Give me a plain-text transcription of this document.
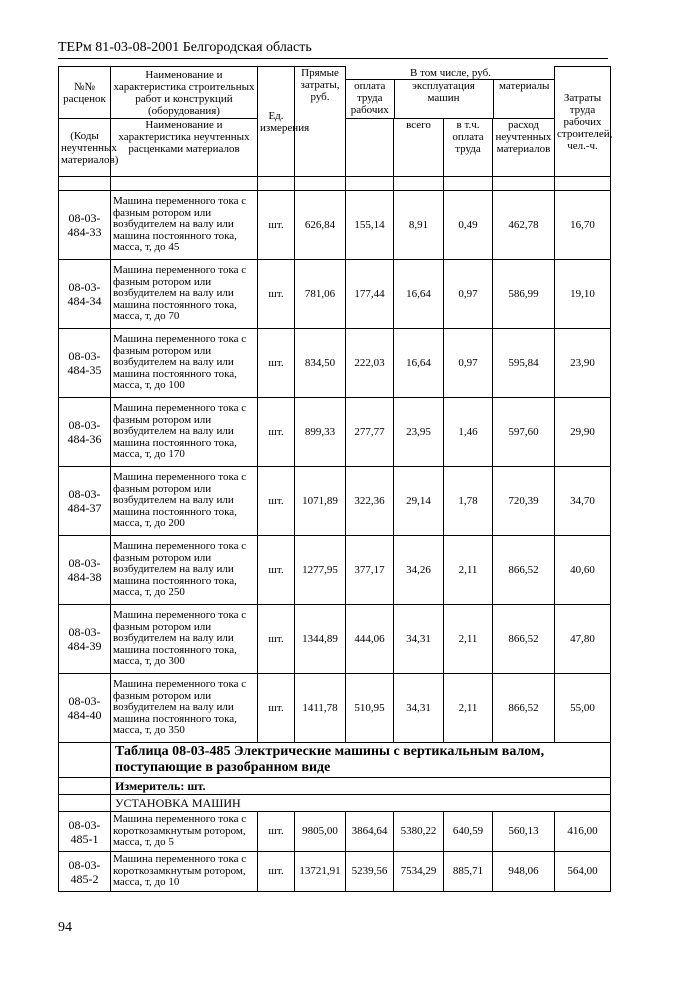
ТЕРм 81-03-08-2001 Белгородская область
№№ расценок	Наименование и характеристика строительных работ и конструкций (оборудования)	Ед. измерения	Прямые затраты, руб.	
В том числе, руб.
оплата труда рабочих	эксплуатация машин	материалы
	Затраты труда рабочих строителей, чел.-ч.
(Коды неучтенных материалов)	Наименование и характеристика неучтенных расценками материалов		всего	в т.ч. оплата труда	расход неучтенных материалов

08-03-484-33	Машина переменного тока с фазным ротором или возбудителем на валу или машина постоянного тока, масса, т, до 45	шт.	626,84	155,14	8,91	0,49	462,78	16,70
08-03-484-34	Машина переменного тока с фазным ротором или возбудителем на валу или машина постоянного тока, масса, т, до 70	шт.	781,06	177,44	16,64	0,97	586,99	19,10
08-03-484-35	Машина переменного тока с фазным ротором или возбудителем на валу или машина постоянного тока, масса, т, до 100	шт.	834,50	222,03	16,64	0,97	595,84	23,90
08-03-484-36	Машина переменного тока с фазным ротором или возбудителем на валу или машина постоянного тока, масса, т, до 170	шт.	899,33	277,77	23,95	1,46	597,60	29,90
08-03-484-37	Машина переменного тока с фазным ротором или возбудителем на валу или машина постоянного тока, масса, т, до 200	шт.	1071,89	322,36	29,14	1,78	720,39	34,70
08-03-484-38	Машина переменного тока с фазным ротором или возбудителем на валу или машина постоянного тока, масса, т, до 250	шт.	1277,95	377,17	34,26	2,11	866,52	40,60
08-03-484-39	Машина переменного тока с фазным ротором или возбудителем на валу или машина постоянного тока, масса, т, до 300	шт.	1344,89	444,06	34,31	2,11	866,52	47,80
08-03-484-40	Машина переменного тока с фазным ротором или возбудителем на валу или машина постоянного тока, масса, т, до 350	шт.	1411,78	510,95	34,31	2,11	866,52	55,00
	Таблица 08-03-485 Электрические машины с вертикальным валом, поступающие в разобранном виде
	Измеритель: шт.
	УСТАНОВКА МАШИН
08-03-485-1	Машина переменного тока с короткозамкнутым ротором, масса, т, до 5	шт.	9805,00	3864,64	5380,22	640,59	560,13	416,00
08-03-485-2	Машина переменного тока с короткозамкнутым ротором, масса, т, до 10	шт.	13721,91	5239,56	7534,29	885,71	948,06	564,00
94
